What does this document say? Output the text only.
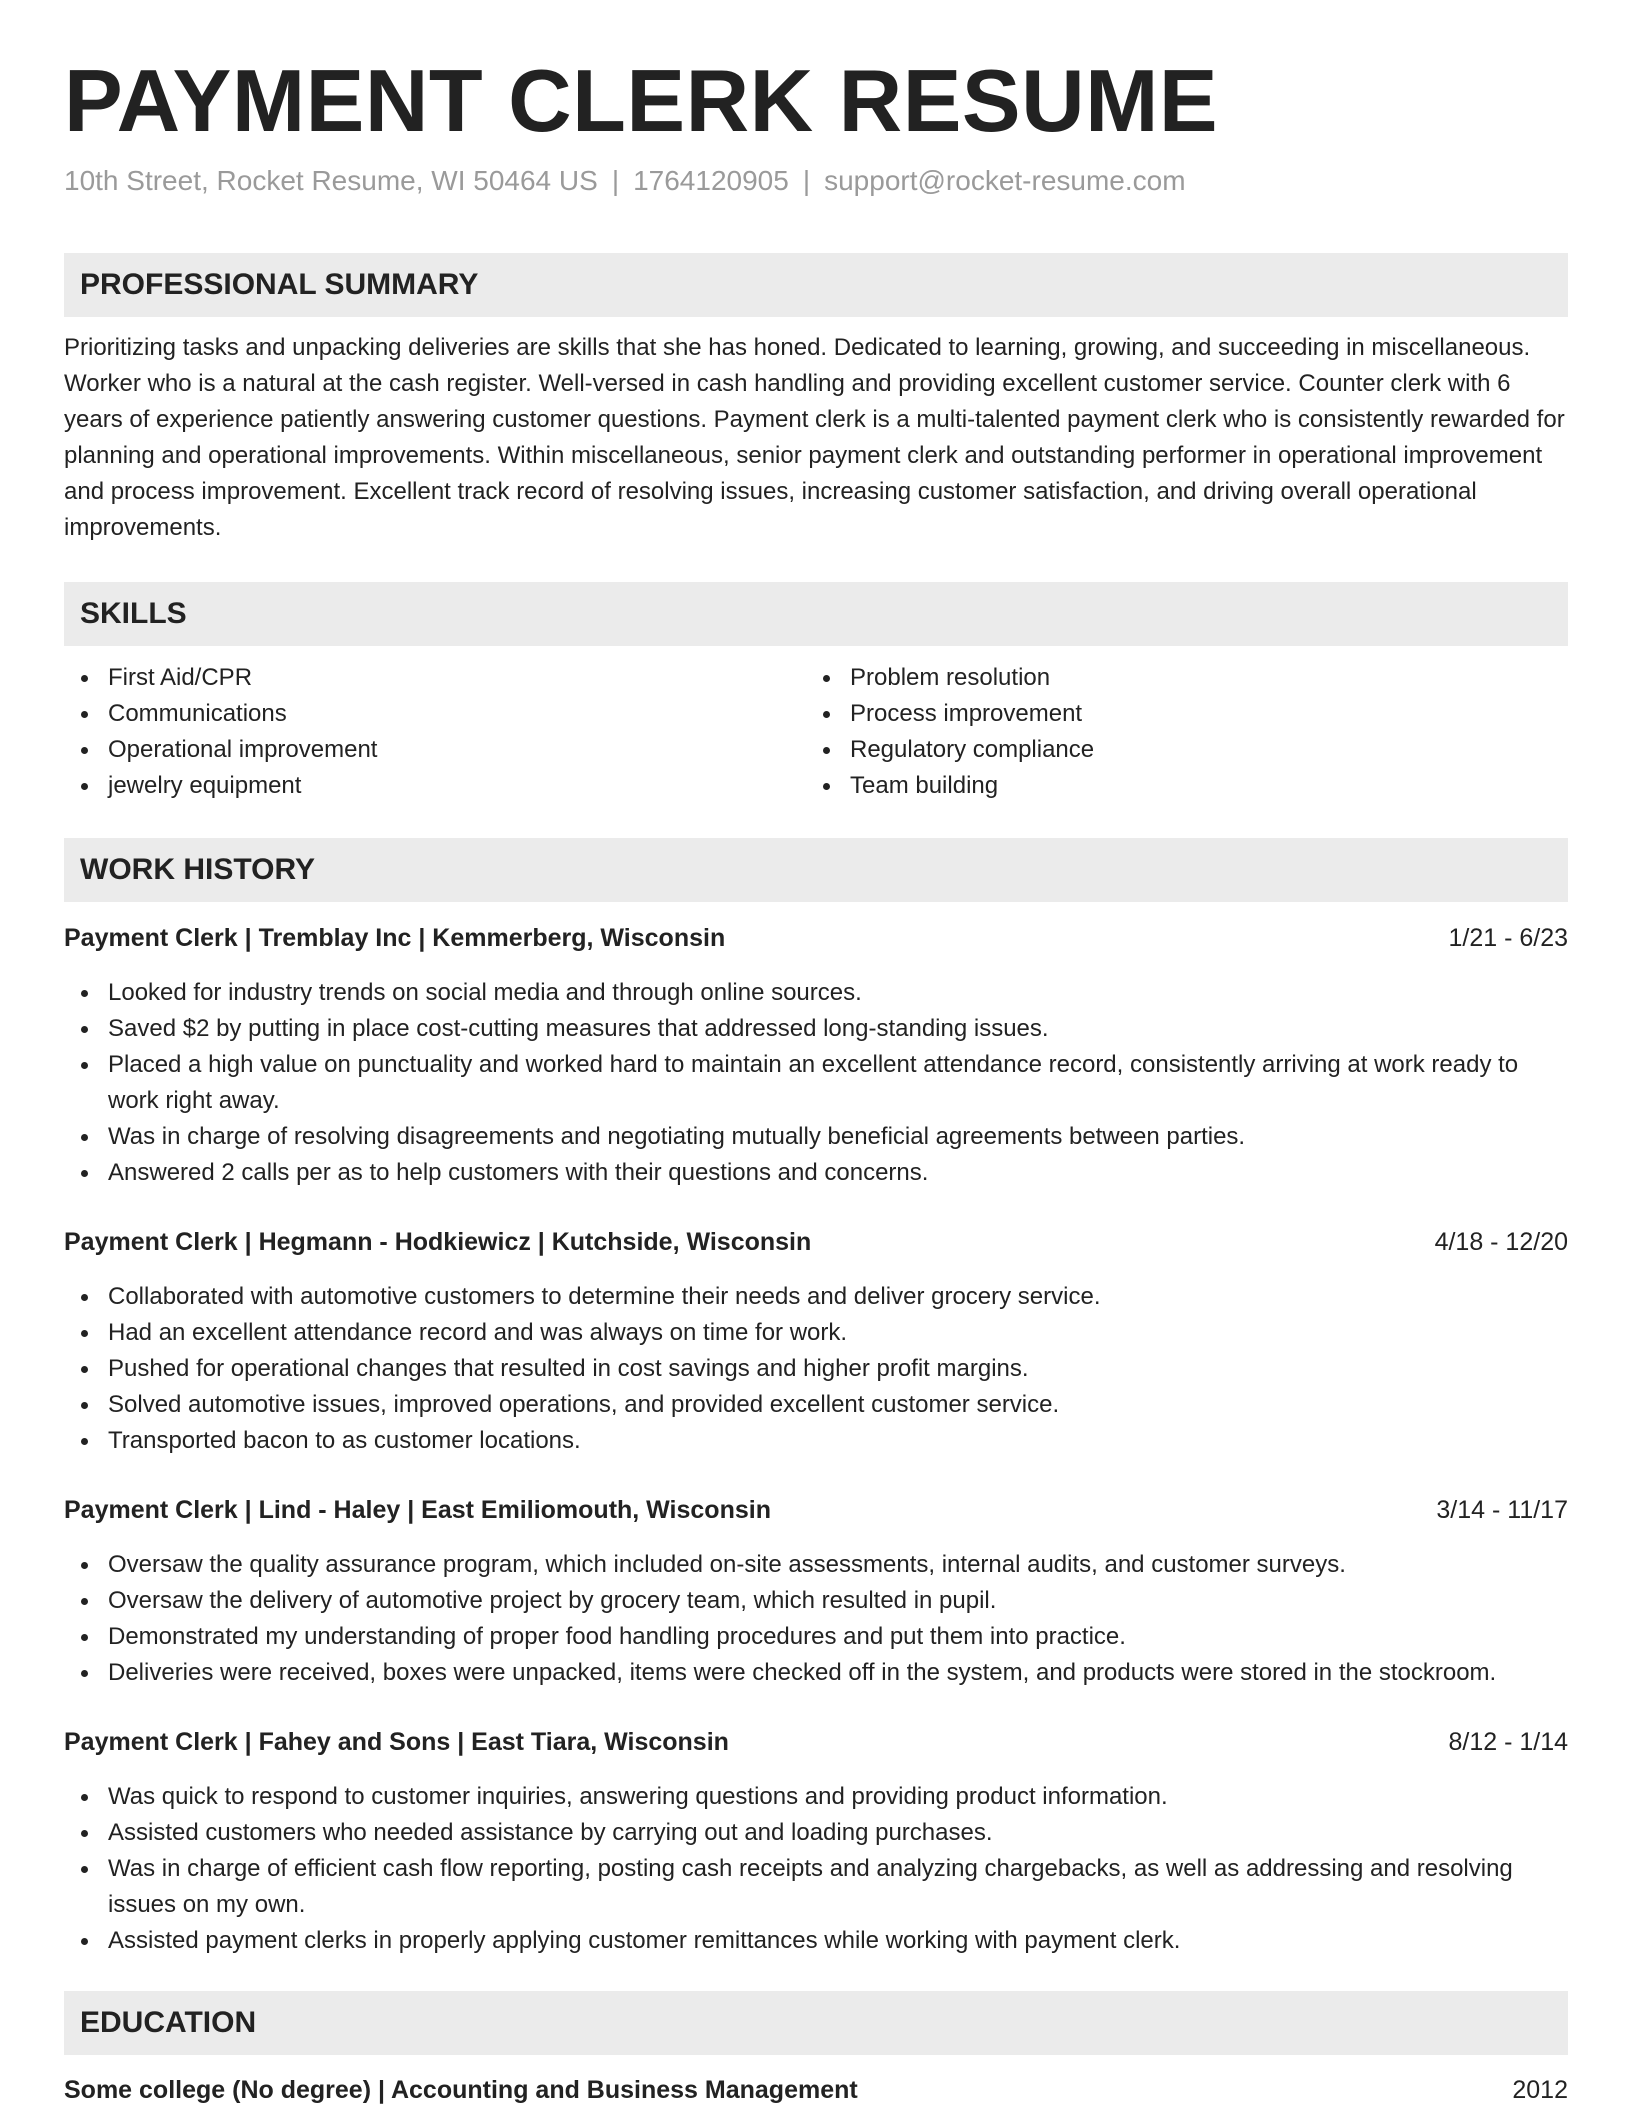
PAYMENT CLERK RESUME
10th Street, Rocket Resume, WI 50464 US | 1764120905 | support@rocket-resume.com
PROFESSIONAL SUMMARY

Prioritizing tasks and unpacking deliveries are skills that she has honed. Dedicated to learning, growing, and succeeding in miscellaneous. Worker who is a natural at the cash register. Well-versed in cash handling and providing excellent customer service. Counter clerk with 6 years of experience patiently answering customer questions. Payment clerk is a multi-talented payment clerk who is consistently rewarded for planning and operational improvements. Within miscellaneous, senior payment clerk and outstanding performer in operational improvement and process improvement. Excellent track record of resolving issues, increasing customer satisfaction, and driving overall operational improvements.

SKILLS
First Aid/CPR
Communications
Operational improvement
jewelry equipment
Problem resolution
Process improvement
Regulatory compliance
Team building
WORK HISTORY
Payment Clerk | Tremblay Inc | Kemmerberg, Wisconsin	1/21 - 6/23
Looked for industry trends on social media and through online sources.
Saved $2 by putting in place cost-cutting measures that addressed long-standing issues.
Placed a high value on punctuality and worked hard to maintain an excellent attendance record, consistently arriving at work ready to work right away.
Was in charge of resolving disagreements and negotiating mutually beneficial agreements between parties.
Answered 2 calls per as to help customers with their questions and concerns.
Payment Clerk | Hegmann - Hodkiewicz | Kutchside, Wisconsin	4/18 - 12/20
Collaborated with automotive customers to determine their needs and deliver grocery service.
Had an excellent attendance record and was always on time for work.
Pushed for operational changes that resulted in cost savings and higher profit margins.
Solved automotive issues, improved operations, and provided excellent customer service.
Transported bacon to as customer locations.
Payment Clerk | Lind - Haley | East Emiliomouth, Wisconsin	3/14 - 11/17
Oversaw the quality assurance program, which included on-site assessments, internal audits, and customer surveys.
Oversaw the delivery of automotive project by grocery team, which resulted in pupil.
Demonstrated my understanding of proper food handling procedures and put them into practice.
Deliveries were received, boxes were unpacked, items were checked off in the system, and products were stored in the stockroom.
Payment Clerk | Fahey and Sons | East Tiara, Wisconsin	8/12 - 1/14
Was quick to respond to customer inquiries, answering questions and providing product information.
Assisted customers who needed assistance by carrying out and loading purchases.
Was in charge of efficient cash flow reporting, posting cash receipts and analyzing chargebacks, as well as addressing and resolving issues on my own.
Assisted payment clerks in properly applying customer remittances while working with payment clerk.
EDUCATION
Some college (No degree) | Accounting and Business Management	2012
